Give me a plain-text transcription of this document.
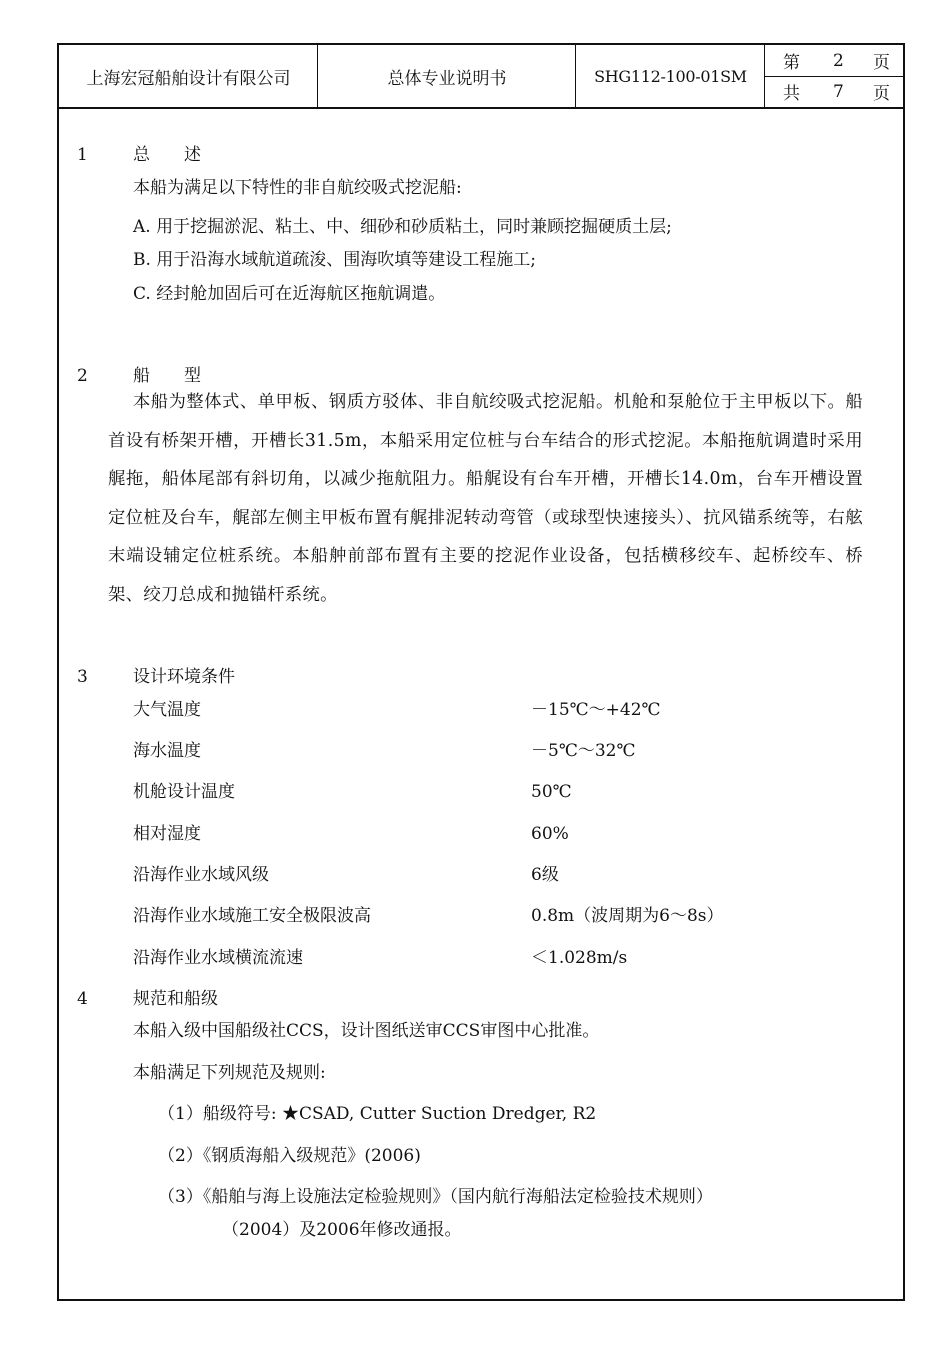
上海宏冠船舶设计有限公司	总体专业说明书	SHG112-100-01SM
第 2 页
共 7 页
1	总　　述
本船为满足以下特性的非自航绞吸式挖泥船:
A. 用于挖掘淤泥、粘土、中、细砂和砂质粘土，同时兼顾挖掘硬质土层;
B. 用于沿海水域航道疏浚、围海吹填等建设工程施工;
C. 经封舱加固后可在近海航区拖航调遣。
2	船　　型
本船为整体式、单甲板、钢质方驳体、非自航绞吸式挖泥船。机舱和泵舱位于主甲板以下。船首设有桥架开槽，开槽长31.5m，本船采用定位桩与台车结合的形式挖泥。本船拖航调遣时采用艉拖，船体尾部有斜切角，以减少拖航阻力。船艉设有台车开槽，开槽长14.0m，台车开槽设置定位桩及台车，艉部左侧主甲板布置有艉排泥转动弯管（或球型快速接头）、抗风锚系统等，右舷末端设辅定位桩系统。本船舯前部布置有主要的挖泥作业设备，包括横移绞车、起桥绞车、桥架、绞刀总成和抛锚杆系统。
3	设计环境条件
大气温度	－15℃～+42℃
海水温度	－5℃～32℃
机舱设计温度	50℃
相对湿度	60%
沿海作业水域风级	6级
沿海作业水域施工安全极限波高	0.8m（波周期为6～8s）
沿海作业水域横流流速	＜1.028m/s
4	规范和船级
本船入级中国船级社CCS，设计图纸送审CCS审图中心批准。
本船满足下列规范及规则:
（1）船级符号: ★CSAD, Cutter Suction Dredger, R2
（2）《钢质海船入级规范》(2006)
（3）《船舶与海上设施法定检验规则》（国内航行海船法定检验技术规则）
（2004）及2006年修改通报。
